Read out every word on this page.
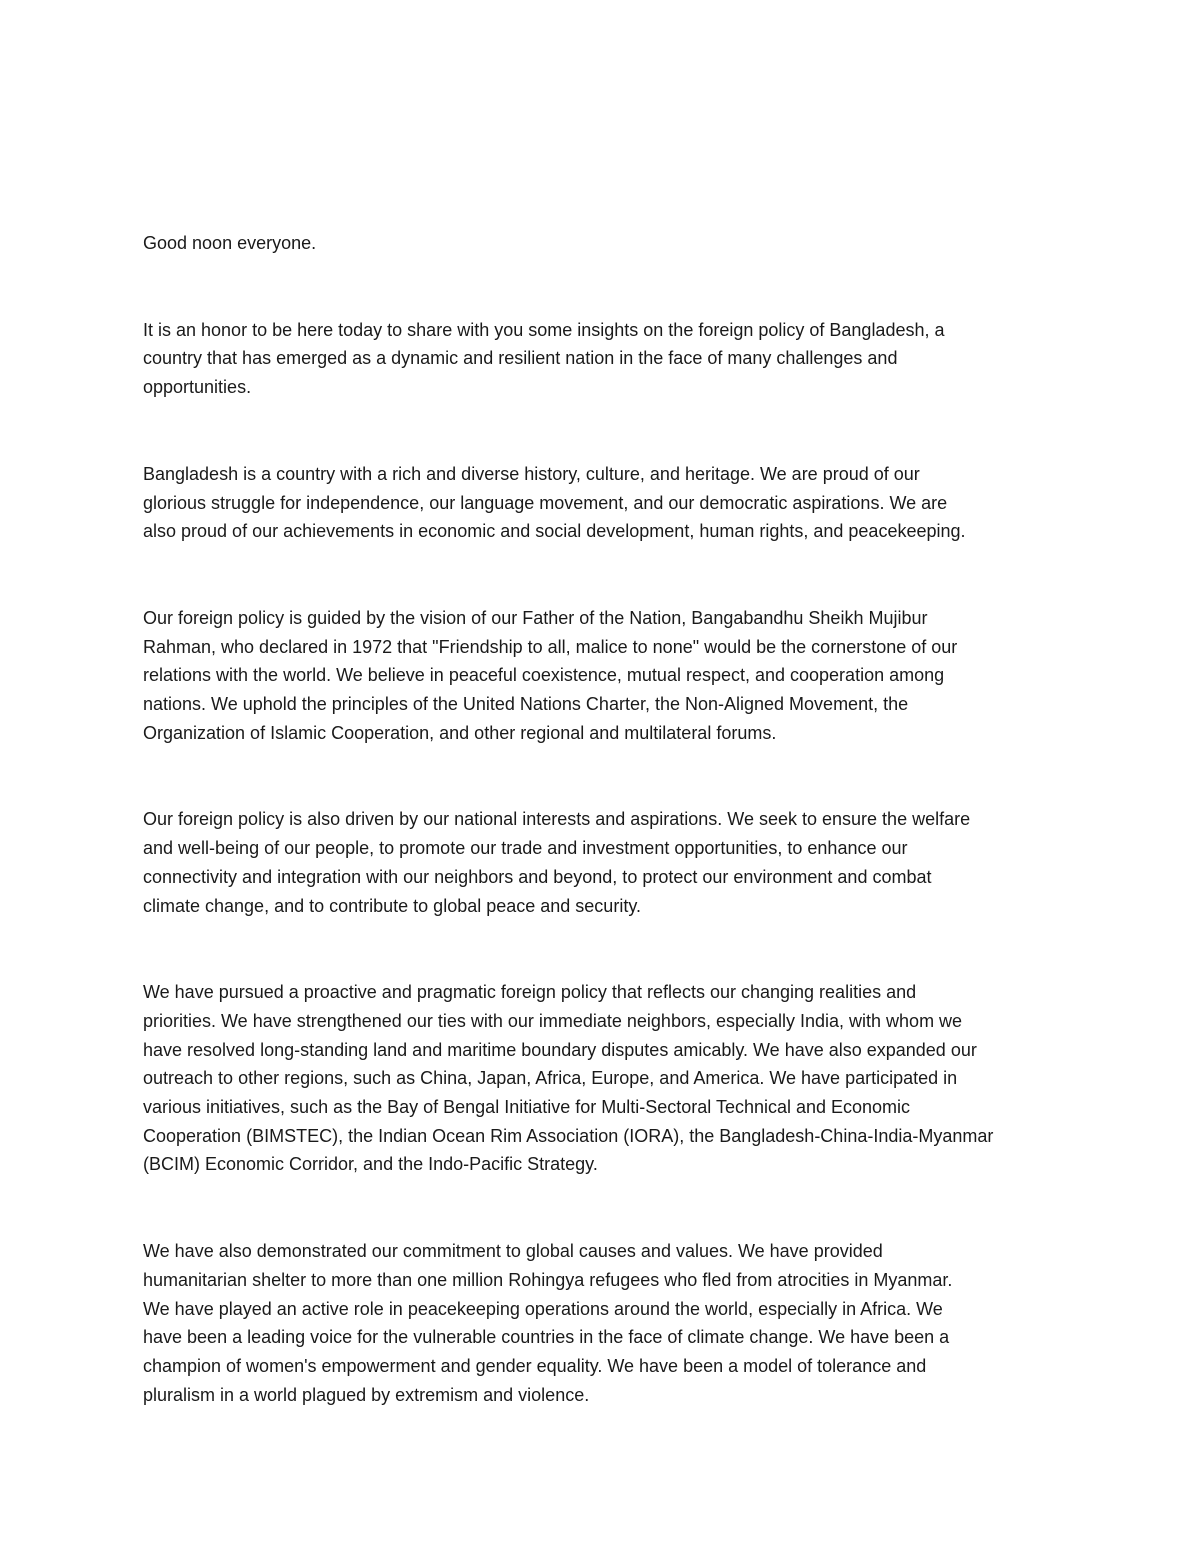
Good noon everyone.

It is an honor to be here today to share with you some insights on the foreign policy of Bangladesh, a
country that has emerged as a dynamic and resilient nation in the face of many challenges and
opportunities.

Bangladesh is a country with a rich and diverse history, culture, and heritage. We are proud of our
glorious struggle for independence, our language movement, and our democratic aspirations. We are
also proud of our achievements in economic and social development, human rights, and peacekeeping.

Our foreign policy is guided by the vision of our Father of the Nation, Bangabandhu Sheikh Mujibur
Rahman, who declared in 1972 that "Friendship to all, malice to none" would be the cornerstone of our
relations with the world. We believe in peaceful coexistence, mutual respect, and cooperation among
nations. We uphold the principles of the United Nations Charter, the Non-Aligned Movement, the
Organization of Islamic Cooperation, and other regional and multilateral forums.

Our foreign policy is also driven by our national interests and aspirations. We seek to ensure the welfare
and well-being of our people, to promote our trade and investment opportunities, to enhance our
connectivity and integration with our neighbors and beyond, to protect our environment and combat
climate change, and to contribute to global peace and security.

We have pursued a proactive and pragmatic foreign policy that reflects our changing realities and
priorities. We have strengthened our ties with our immediate neighbors, especially India, with whom we
have resolved long-standing land and maritime boundary disputes amicably. We have also expanded our
outreach to other regions, such as China, Japan, Africa, Europe, and America. We have participated in
various initiatives, such as the Bay of Bengal Initiative for Multi-Sectoral Technical and Economic
Cooperation (BIMSTEC), the Indian Ocean Rim Association (IORA), the Bangladesh-China-India-Myanmar
(BCIM) Economic Corridor, and the Indo-Pacific Strategy.

We have also demonstrated our commitment to global causes and values. We have provided
humanitarian shelter to more than one million Rohingya refugees who fled from atrocities in Myanmar.
We have played an active role in peacekeeping operations around the world, especially in Africa. We
have been a leading voice for the vulnerable countries in the face of climate change. We have been a
champion of women's empowerment and gender equality. We have been a model of tolerance and
pluralism in a world plagued by extremism and violence.
